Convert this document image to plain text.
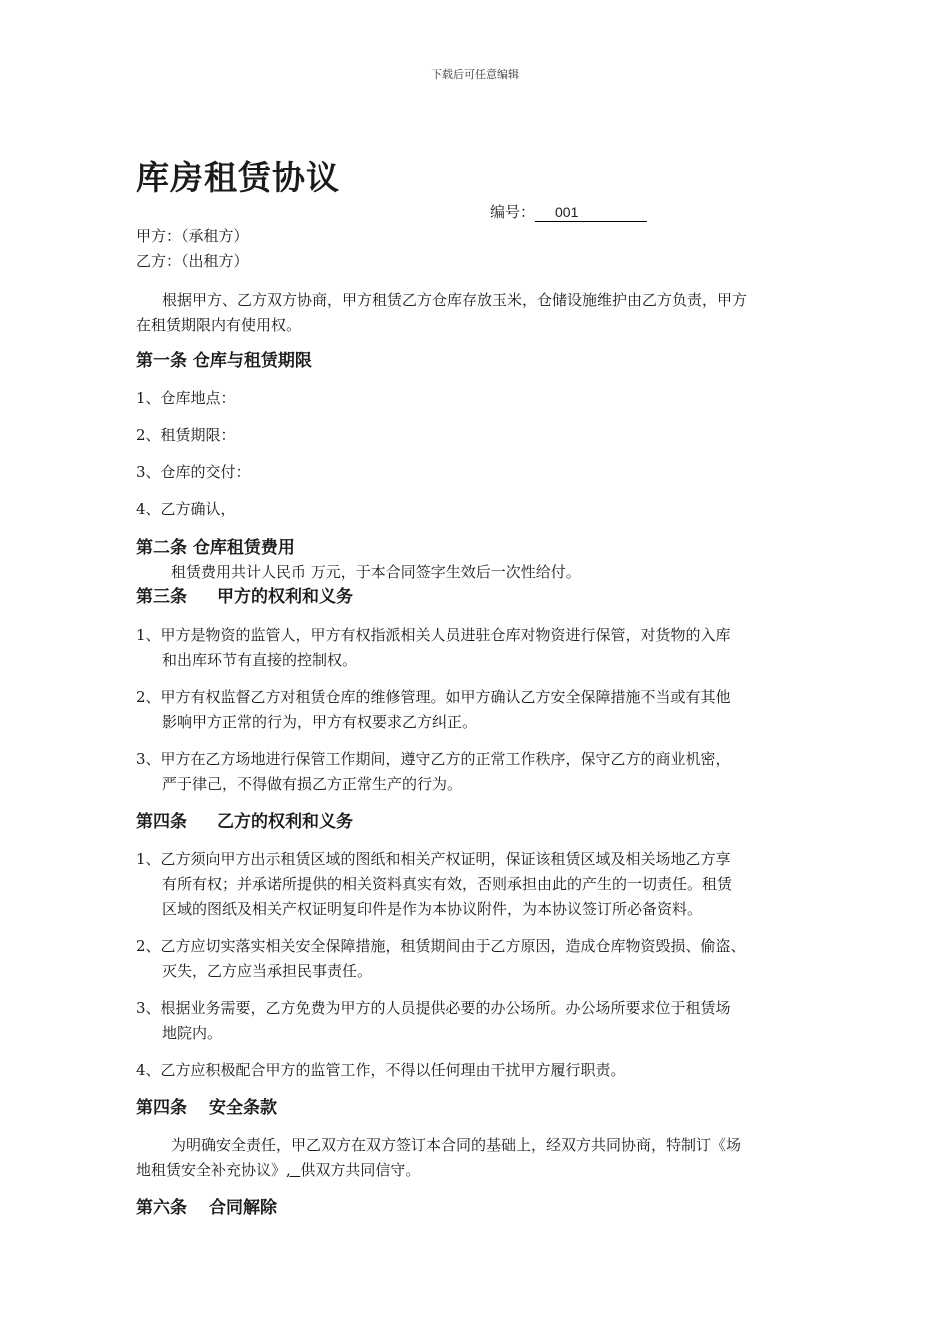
下载后可任意编辑
库房租赁协议
编号： 001
甲方：（承租方）
乙方：（出租方）
根据甲方、乙方双方协商，甲方租赁乙方仓库存放玉米，仓储设施维护由乙方负责，甲方
在租赁期限内有使用权。
第一条 仓库与租赁期限
1、仓库地点：
2、租赁期限：
3、仓库的交付：
4、乙方确认，
第二条 仓库租赁费用
租赁费用共计人民币 万元，于本合同签字生效后一次性给付。
第三条 甲方的权利和义务
1、甲方是物资的监管人，甲方有权指派相关人员进驻仓库对物资进行保管，对货物的入库
和出库环节有直接的控制权。
2、甲方有权监督乙方对租赁仓库的维修管理。如甲方确认乙方安全保障措施不当或有其他
影响甲方正常的行为，甲方有权要求乙方纠正。
3、甲方在乙方场地进行保管工作期间，遵守乙方的正常工作秩序，保守乙方的商业机密，
严于律己，不得做有损乙方正常生产的行为。
第四条 乙方的权利和义务
1、乙方须向甲方出示租赁区域的图纸和相关产权证明，保证该租赁区域及相关场地乙方享
有所有权；并承诺所提供的相关资料真实有效，否则承担由此的产生的一切责任。租赁
区域的图纸及相关产权证明复印件是作为本协议附件，为本协议签订所必备资料。
2、乙方应切实落实相关安全保障措施，租赁期间由于乙方原因，造成仓库物资毁损、偷盗、
灭失，乙方应当承担民事责任。
3、根据业务需要，乙方免费为甲方的人员提供必要的办公场所。办公场所要求位于租赁场
地院内。
4、乙方应积极配合甲方的监管工作，不得以任何理由干扰甲方履行职责。
第四条 安全条款
为明确安全责任，甲乙双方在双方签订本合同的基础上，经双方共同协商，特制订《场
地租赁安全补充协议》,  供双方共同信守。
第六条 合同解除
